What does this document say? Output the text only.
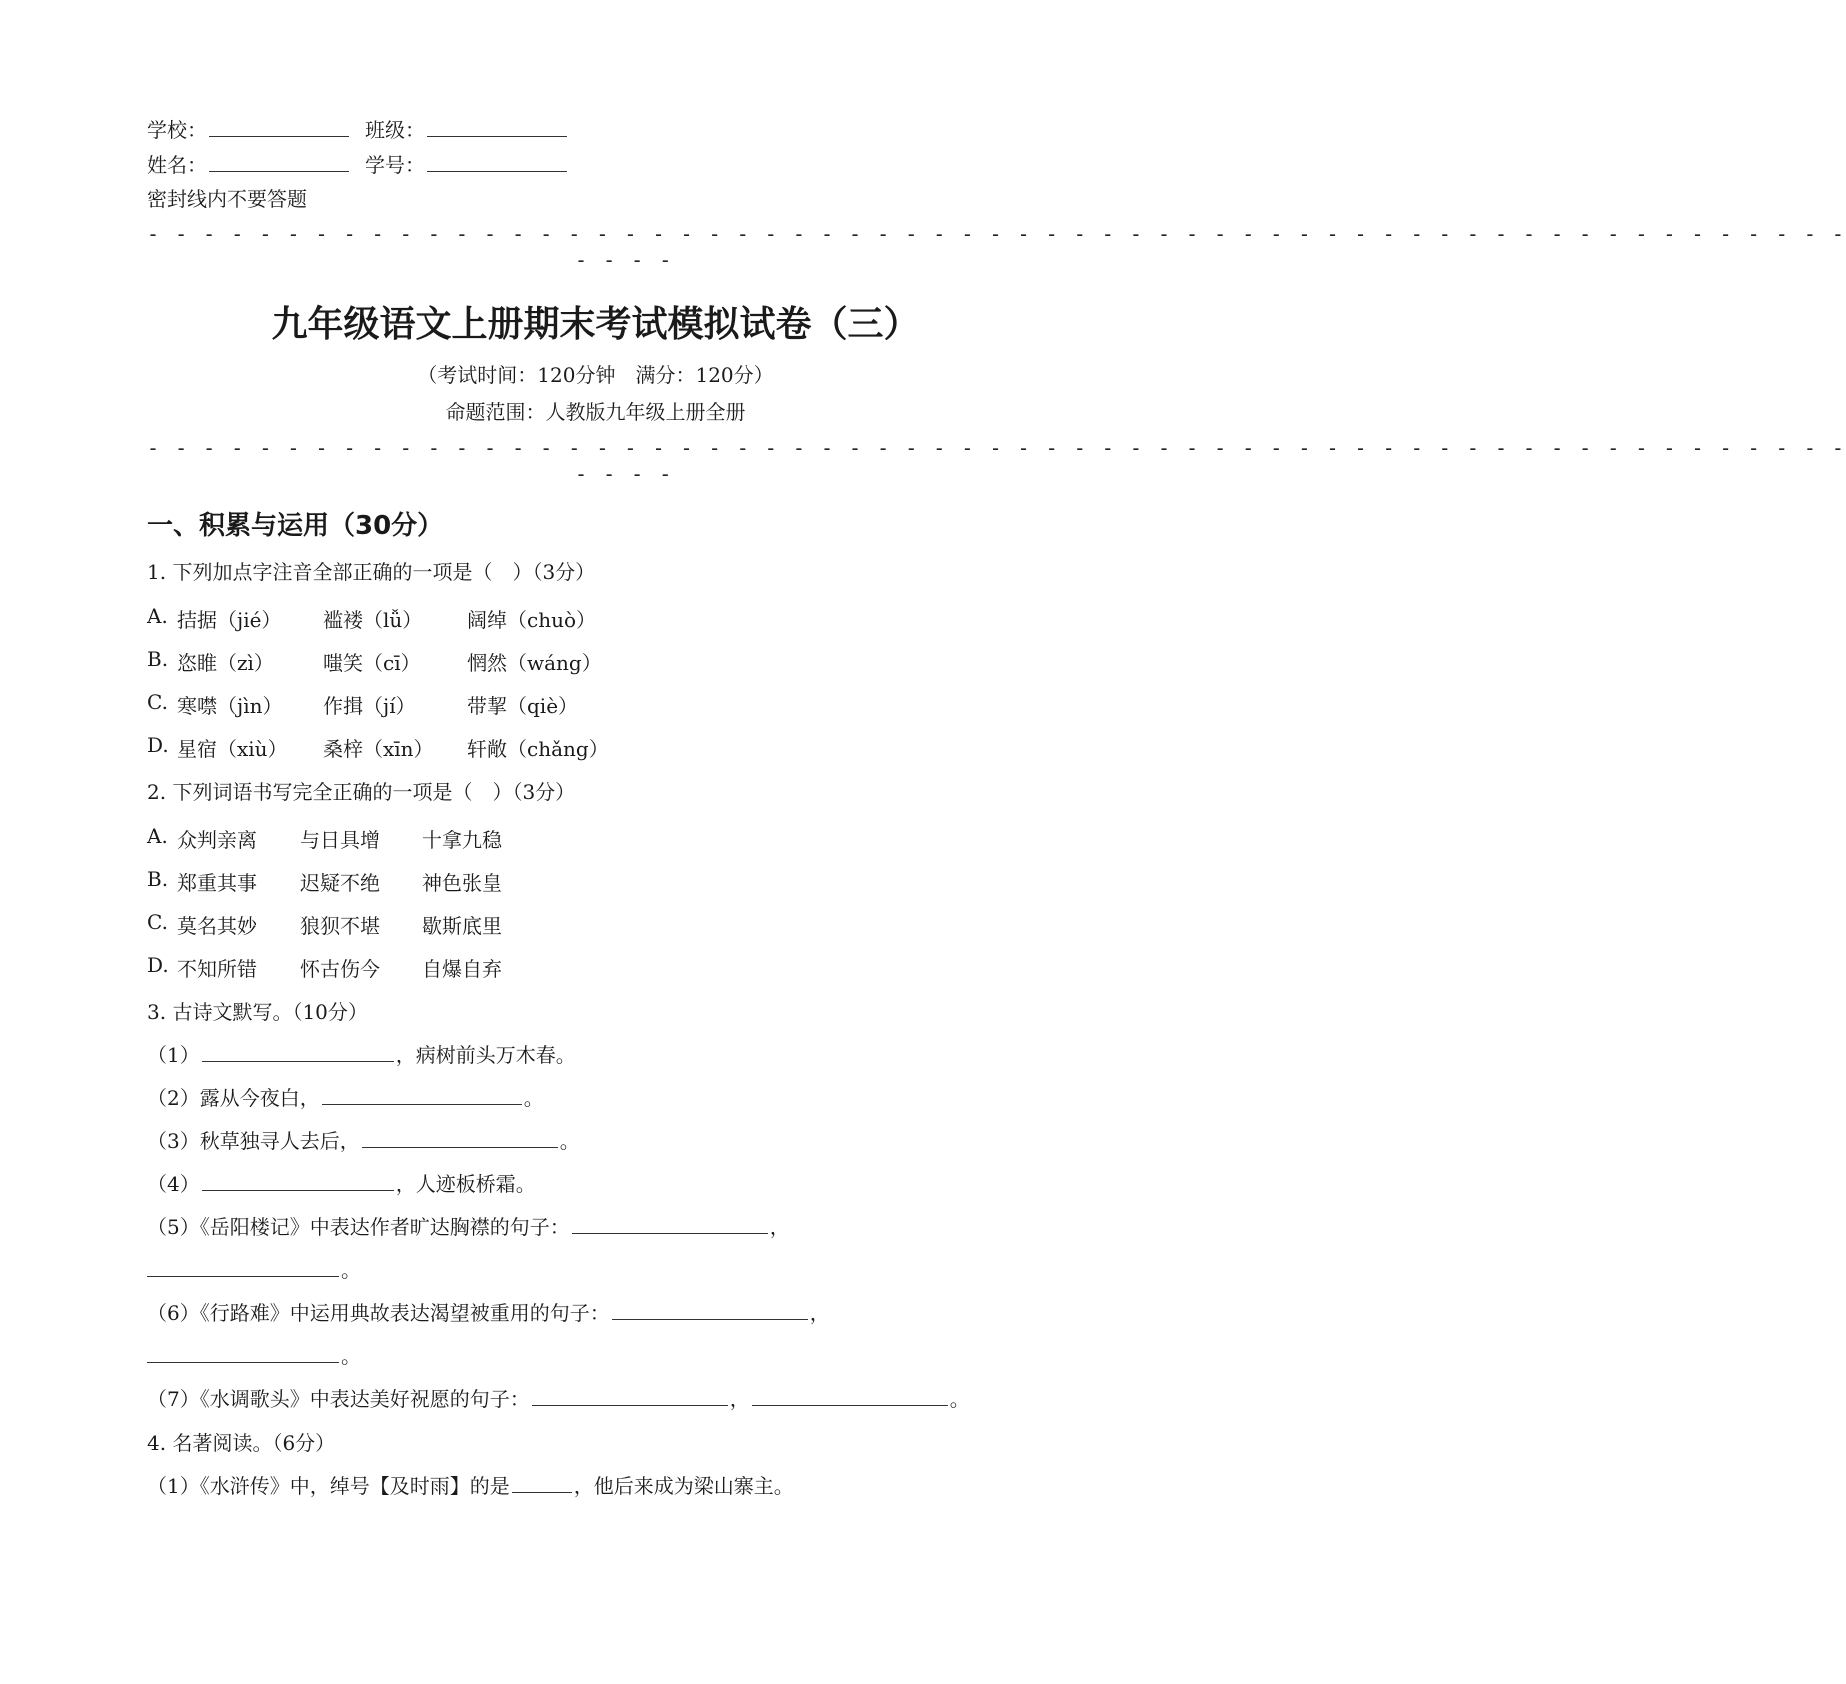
学校：	班级：
姓名：	学号：
密封线内不要答题
- - - - - - - - - - - - - - - - - - - - - - - - - - - - - - - - - - - - - - - - - - - - - - - - - - - - - - - - - - - - -
- - - -
九年级语文上册期末考试模拟试卷（三）
（考试时间：120分钟　满分：120分）
命题范围：人教版九年级上册全册
- - - - - - - - - - - - - - - - - - - - - - - - - - - - - - - - - - - - - - - - - - - - - - - - - - - - - - - - - - - - -
- - - -
一、积累与运用（30分）
1. 下列加点字注音全部正确的一项是（　）（3分）
A. 拮据（jié） 褴褛（lǚ） 阔绰（chuò）
B. 恣睢（zì） 嗤笑（cī） 惘然（wáng）
C. 寒噤（jìn） 作揖（jí）	带挈（qiè）
D. 星宿（xiù） 桑梓（xīn） 轩敞（chǎng）
2. 下列词语书写完全正确的一项是（　）（3分）
A. 众判亲离 与日具增 十拿九稳
B. 郑重其事 迟疑不绝 神色张皇
C. 莫名其妙 狼狈不堪 歇斯底里
D. 不知所错 怀古伤今 自爆自弃
3. 古诗文默写。（10分）
（1）	，病树前头万木春。
（2）露从今夜白，	。
（3）秋草独寻人去后，	。
（4）	，人迹板桥霜。
（5）《岳阳楼记》中表达作者旷达胸襟的句子：	，
。
（6）《行路难》中运用典故表达渴望被重用的句子：	，
。
（7）《水调歌头》中表达美好祝愿的句子：	，	。
4. 名著阅读。（6分）
（1）《水浒传》中，绰号【及时雨】的是	，他后来成为梁山寨主。
